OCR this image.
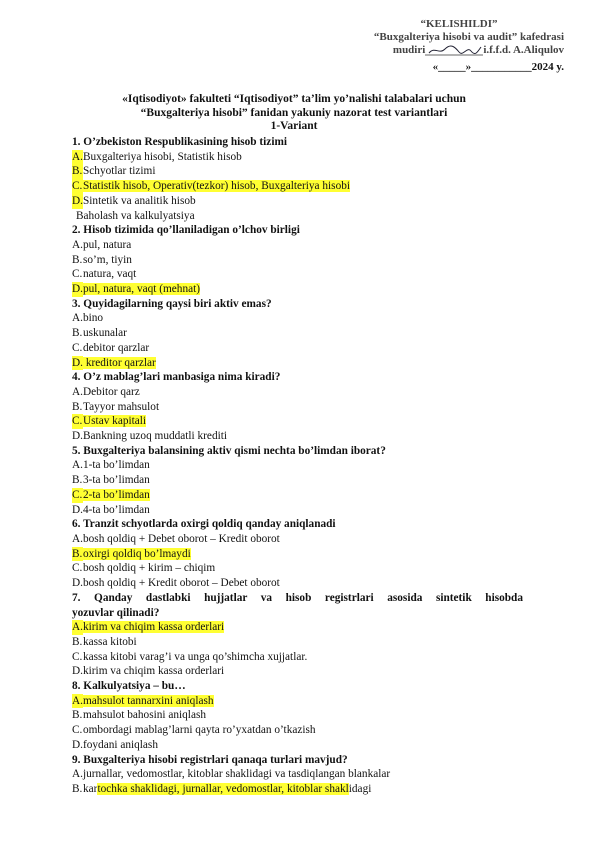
“KELISHILDI”
“Buxgalteriya hisobi va audit” kafedrasi
mudiri	i.f.f.d. A.Aliqulov
«_____»___________2024 y.
«Iqtisodiyot» fakulteti “Iqtisodiyot” ta’lim yo’nalishi talabalari uchun
“Buxgalteriya hisobi” fanidan yakuniy nazorat test variantlari
1-Variant
1. O’zbekiston Respublikasining hisob tizimi
A.Buxgalteriya hisobi, Statistik hisob
B.Schyotlar tizimi
C.Statistik hisob, Operativ(tezkor) hisob, Buxgalteriya hisobi
D.Sintetik va analitik hisob
Baholash va kalkulyatsiya
2. Hisob tizimida qo’llaniladigan o’lchov birligi
A.pul, natura
B.so’m, tiyin
C.natura, vaqt
D.pul, natura, vaqt (mehnat)
3. Quyidagilarning qaysi biri aktiv emas?
A.bino
B.uskunalar
C.debitor qarzlar
D. kreditor qarzlar
4. O’z mablag’lari manbasiga nima kiradi?
A.Debitor qarz
B.Tayyor mahsulot
C.Ustav kapitali
D.Bankning uzoq muddatli krediti
5. Buxgalteriya balansining aktiv qismi nechta bo’limdan iborat?
A.1-ta bo’limdan
B.3-ta bo’limdan
C.2-ta bo’limdan
D.4-ta bo’limdan
6. Tranzit schyotlarda oxirgi qoldiq qanday aniqlanadi
A.bosh qoldiq + Debet oborot – Kredit oborot
B.oxirgi qoldiq bo’lmaydi
C.bosh qoldiq + kirim – chiqim
D.bosh qoldiq + Kredit oborot – Debet oborot
7. Qanday dastlabki hujjatlar va hisob registrlari asosida sintetik hisobda
yozuvlar qilinadi?
A.kirim va chiqim kassa orderlari
B.kassa kitobi
C.kassa kitobi varag’i va unga qo’shimcha xujjatlar.
D.kirim va chiqim kassa orderlari
8. Kalkulyatsiya – bu…
A.mahsulot tannarxini aniqlash
B.mahsulot bahosini aniqlash
C.ombordagi mablag’larni qayta ro’yxatdan o’tkazish
D.foydani aniqlash
9. Buxgalteriya hisobi registrlari qanaqa turlari mavjud?
A.jurnallar, vedomostlar, kitoblar shaklidagi va tasdiqlangan blankalar
B.kartochka shaklidagi, jurnallar, vedomostlar, kitoblar shaklidagi
